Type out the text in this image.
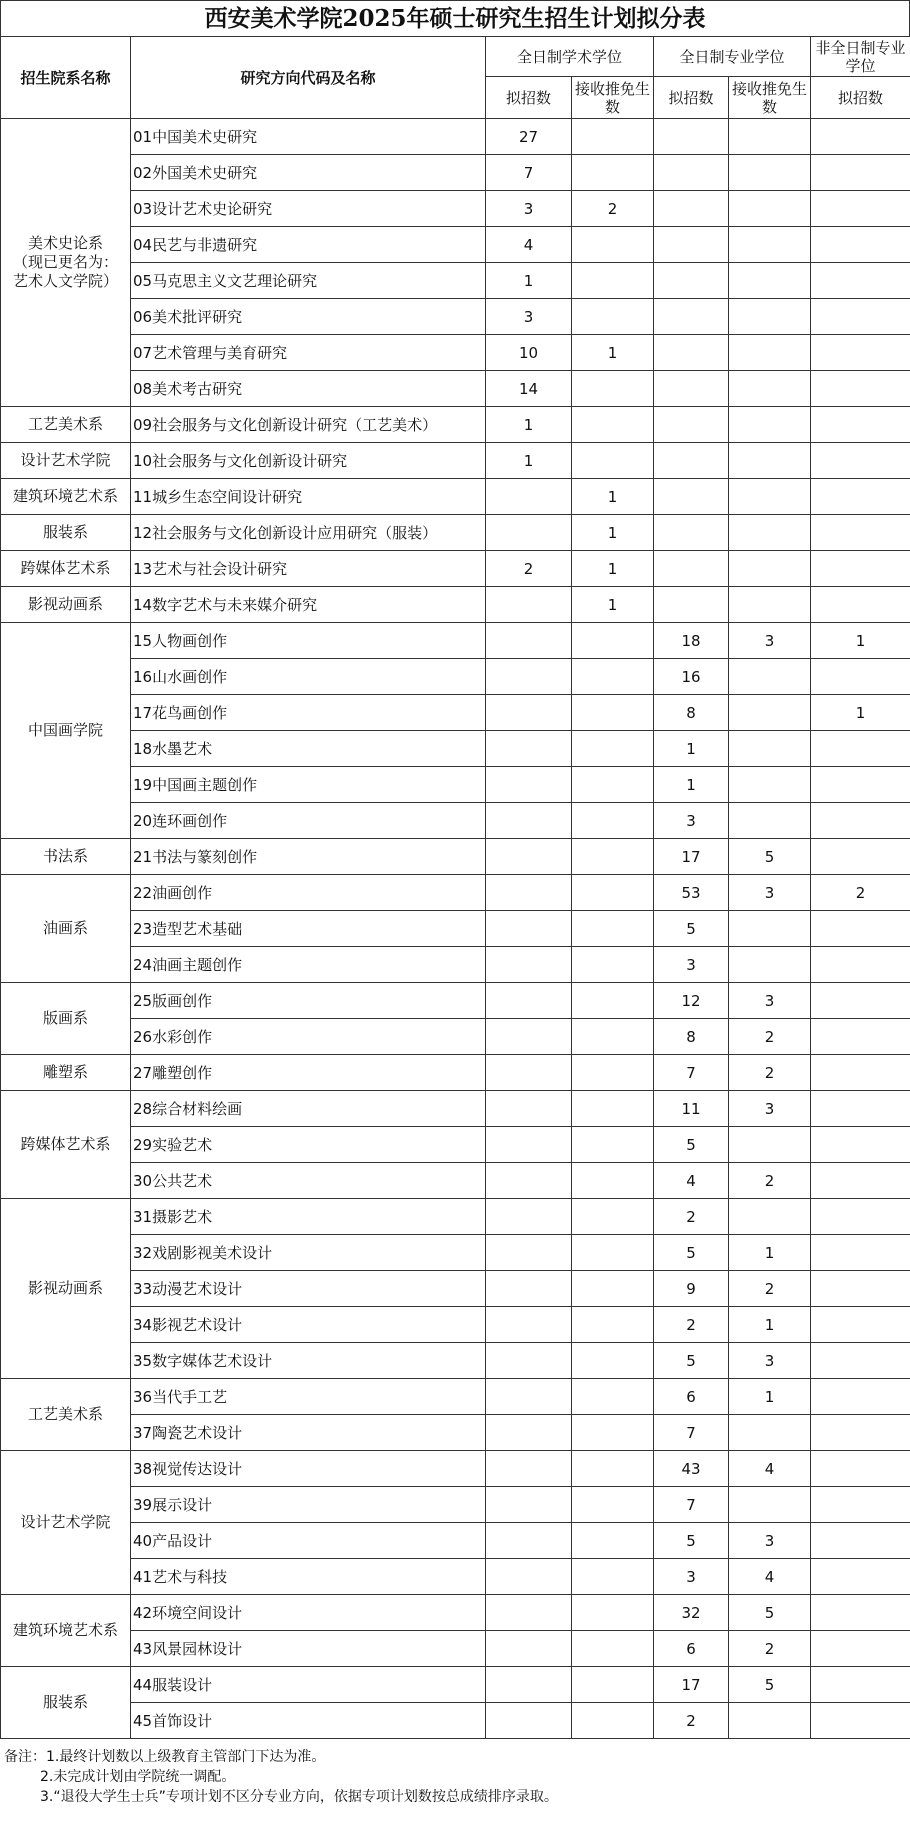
西安美术学院2025年硕士研究生招生计划拟分表
招生院系名称	研究方向代码及名称	全日制学术学位		全日制专业学位		非全日制专业学位
		拟招数	接收推免生数	拟招数	接收推免生数	拟招数
美术史论系
（现已更名为：
艺术人文学院）	01中国美术史研究	27				
	02外国美术史研究	7				
	03设计艺术史论研究	3	2			
	04民艺与非遗研究	4				
	05马克思主义文艺理论研究	1				
	06美术批评研究	3				
	07艺术管理与美育研究	10	1			
	08美术考古研究	14				
工艺美术系	09社会服务与文化创新设计研究（工艺美术）	1				
设计艺术学院	10社会服务与文化创新设计研究	1				
建筑环境艺术系	11城乡生态空间设计研究		1			
服装系	12社会服务与文化创新设计应用研究（服装）		1			
跨媒体艺术系	13艺术与社会设计研究	2	1			
影视动画系	14数字艺术与未来媒介研究		1			
中国画学院	15人物画创作			18	3	1
	16山水画创作			16		
	17花鸟画创作			8		1
	18水墨艺术			1		
	19中国画主题创作			1		
	20连环画创作			3		
书法系	21书法与篆刻创作			17	5	
油画系	22油画创作			53	3	2
	23造型艺术基础			5		
	24油画主题创作			3		
版画系	25版画创作			12	3	
	26水彩创作			8	2	
雕塑系	27雕塑创作			7	2	
跨媒体艺术系	28综合材料绘画			11	3	
	29实验艺术			5		
	30公共艺术			4	2	
影视动画系	31摄影艺术			2		
	32戏剧影视美术设计			5	1	
	33动漫艺术设计			9	2	
	34影视艺术设计			2	1	
	35数字媒体艺术设计			5	3	
工艺美术系	36当代手工艺			6	1	
	37陶瓷艺术设计			7		
设计艺术学院	38视觉传达设计			43	4	
	39展示设计			7		
	40产品设计			5	3	
	41艺术与科技			3	4	
建筑环境艺术系	42环境空间设计			32	5	
	43风景园林设计			6	2	
服装系	44服装设计			17	5	
	45首饰设计			2		
备注：1.最终计划数以上级教育主管部门下达为准。
2.未完成计划由学院统一调配。
3.“退役大学生士兵”专项计划不区分专业方向，依据专项计划数按总成绩排序录取。
